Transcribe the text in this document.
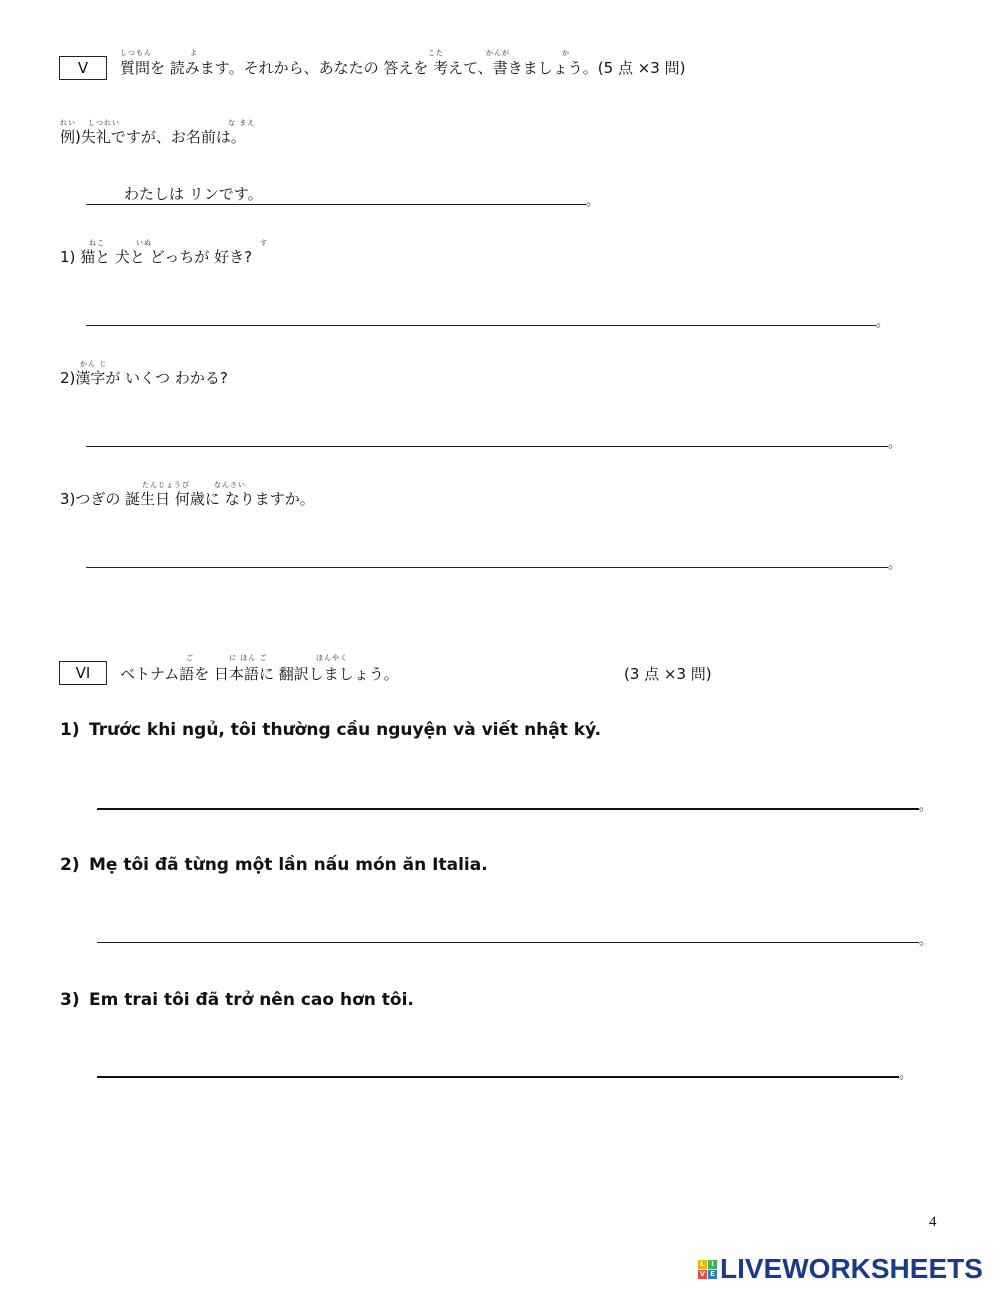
V
しつもん	よ	こた	かんが	か
質問を 読みます。それから、あなたの 答えを 考えて、書きましょう。(5 点 ×3 問)
れい しつれい	な まえ
例)失礼ですが、お名前は。
わたしは リンです。	。
ねこ	いぬ	す
1) 猫と 犬と どっちが 好き?
。
かん じ
2)漢字が いくつ わかる?
。
たんじょうび	なんさい
3)つぎの 誕生日 何歳に なりますか。
。
VI
ご	に ほん ご	ほんやく
ベトナム語を 日本語に 翻訳しましょう。	(3 点 ×3 問)
1) Trước khi ngủ, tôi thường cầu nguyện và viết nhật ký.
。
2) Mẹ tôi đã từng một lần nấu món ăn Italia.
。
3) Em trai tôi đã trở nên cao hơn tôi.
。
4
L I
V E LIVEWORKSHEETS
